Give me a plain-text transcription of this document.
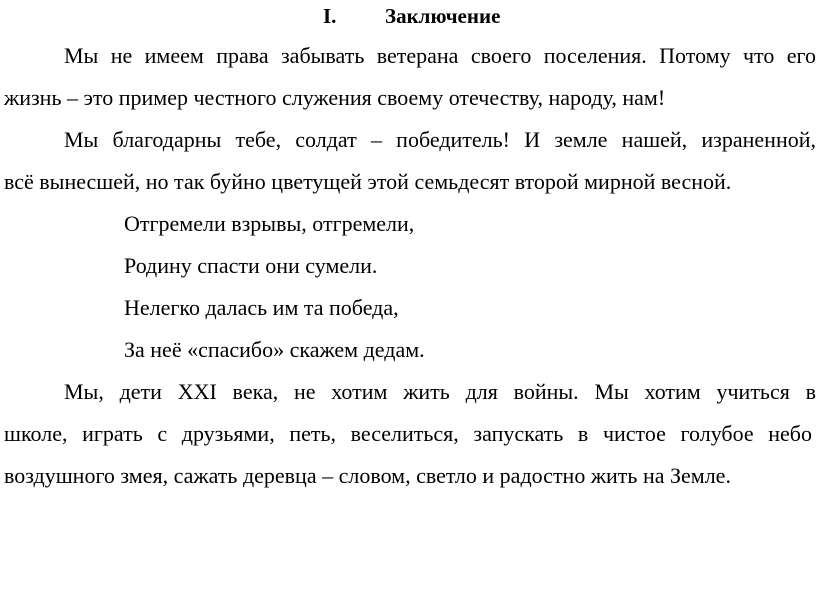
I. Заключение
Мы не имеем права забывать ветерана своего поселения. Потому что его
жизнь – это пример честного служения своему отечеству, народу, нам!
Мы благодарны тебе, солдат – победитель! И земле нашей, израненной,
всё вынесшей, но так буйно цветущей этой семьдесят второй мирной весной.
Отгремели взрывы, отгремели,
Родину спасти они сумели.
Нелегко далась им та победа,
За неё «спасибо» скажем дедам.
Мы, дети XXI века, не хотим жить для войны. Мы хотим учиться в
школе, играть с друзьями, петь, веселиться, запускать в чистое голубое небо
воздушного змея, сажать деревца – словом, светло и радостно жить на Земле.
